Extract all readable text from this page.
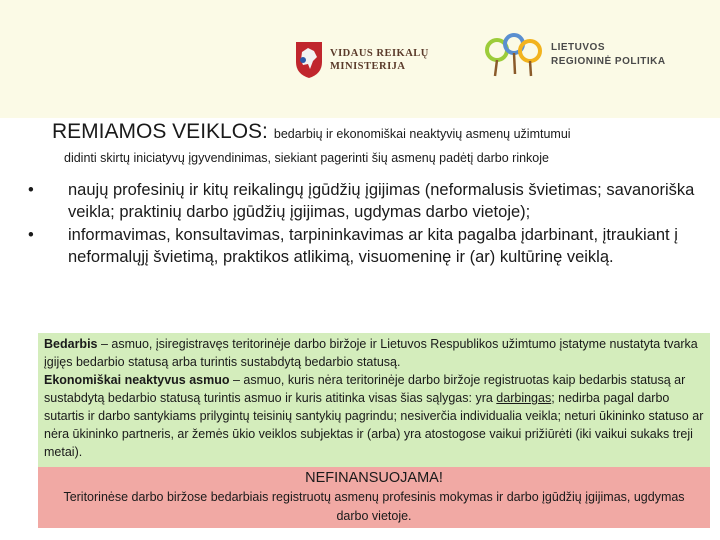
VIDAUS REIKALŲ
MINISTERIJA
LIETUVOS
REGIONINĖ POLITIKA
REMIAMOS VEIKLOS: bedarbių ir ekonomiškai neaktyvių asmenų užimtumui
didinti skirtų iniciatyvų įgyvendinimas, siekiant pagerinti šių asmenų padėtį darbo rinkoje
• naujų profesinių ir kitų reikalingų įgūdžių įgijimas (neformalusis švietimas; savanoriška veikla; praktinių darbo įgūdžių įgijimas, ugdymas darbo vietoje);
• informavimas, konsultavimas, tarpininkavimas ar kita pagalba įdarbinant, įtraukiant į neformalųjį švietimą, praktikos atlikimą, visuomeninę ir (ar) kultūrinę veiklą.

Bedarbis – asmuo, įsiregistravęs teritorinėje darbo biržoje ir Lietuvos Respublikos užimtumo įstatyme nustatyta tvarka įgijęs bedarbio statusą arba turintis sustabdytą bedarbio statusą.

Ekonomiškai neaktyvus asmuo – asmuo, kuris nėra teritorinėje darbo biržoje registruotas kaip bedarbis statusą ar sustabdytą bedarbio statusą turintis asmuo ir kuris atitinka visas šias sąlygas: yra darbingas; nedirba pagal darbo sutartis ir darbo santykiams prilygintų teisinių santykių pagrindu; nesiverčia individualia veikla; neturi ūkininko statuso ar nėra ūkininko partneris, ar žemės ūkio veiklos subjektas ir (arba) yra atostogose vaikui prižiūrėti (iki vaikui sukaks treji metai).

NEFINANSUOJAMA!
Teritorinėse darbo biržose bedarbiais registruotų asmenų profesinis mokymas ir darbo įgūdžių įgijimas, ugdymas darbo vietoje.
